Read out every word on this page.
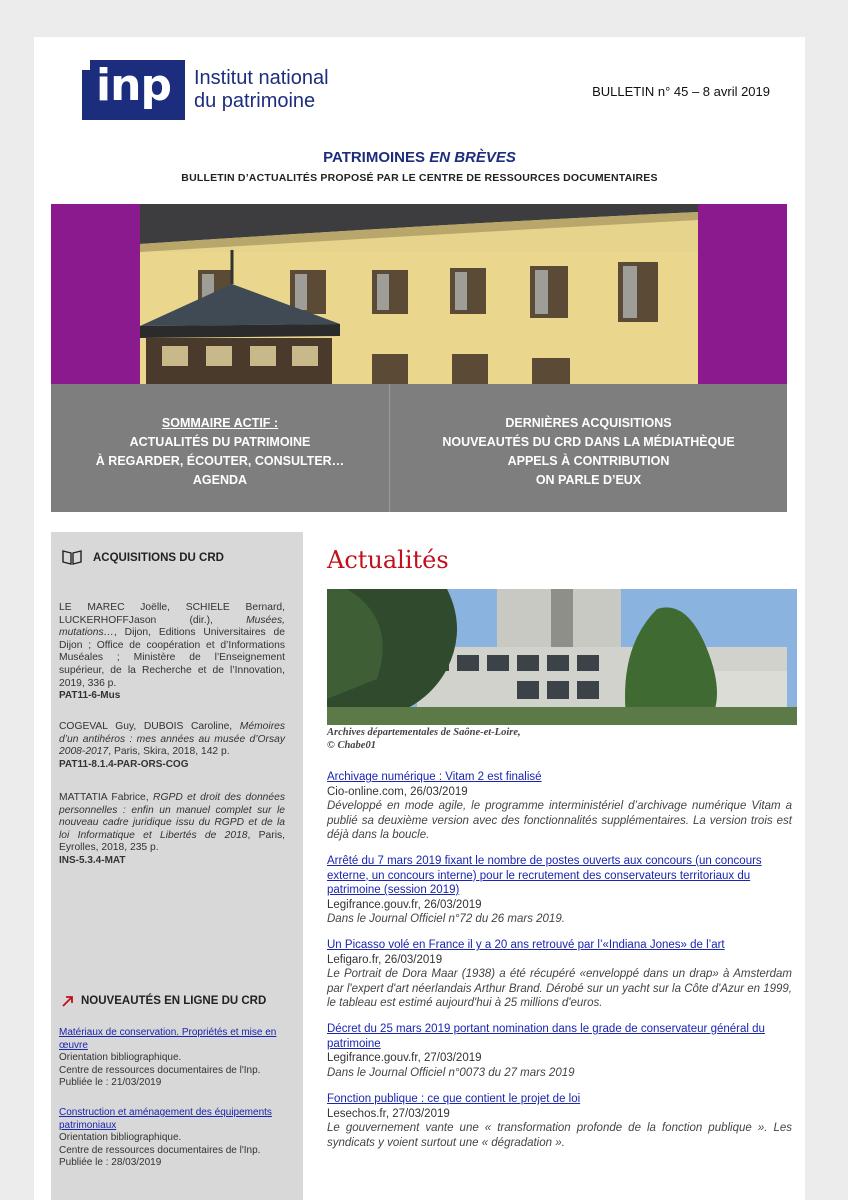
inp	Institut national
du patrimoine	BULLETIN n° 45 – 8 avril 2019
PATRIMOINES EN BRÈVES
BULLETIN D’ACTUALITÉS PROPOSÉ PAR LE CENTRE DE RESSOURCES DOCUMENTAIRES
SOMMAIRE ACTIF :
ACTUALITÉS DU PATRIMOINE
À REGARDER, ÉCOUTER, CONSULTER…
AGENDA
DERNIÈRES ACQUISITIONS
NOUVEAUTÉS DU CRD DANS LA MÉDIATHÈQUE
APPELS À CONTRIBUTION
ON PARLE D’EUX
ACQUISITIONS DU CRD
LE MAREC Joëlle, SCHIELE Bernard, LUCKERHOFFJason (dir.),	Musées, mutations…, Dijon, Editions Universitaires de Dijon ; Office de coopération et d’Informations Muséales ; Ministère de l’Enseignement supérieur, de la Recherche et de l’Innovation, 2019, 336 p.
PAT11-6-Mus
COGEVAL Guy, DUBOIS Caroline, Mémoires d’un antihéros : mes années au musée d’Orsay 2008-2017, Paris, Skira, 2018, 142 p.
PAT11-8.1.4-PAR-ORS-COG
MATTATIA Fabrice, RGPD et droit des données personnelles : enfin un manuel complet sur le nouveau cadre juridique issu du RGPD et de la loi Informatique et Libertés de 2018, Paris, Eyrolles, 2018, 235 p.
INS-5.3.4-MAT
NOUVEAUTÉS EN LIGNE DU CRD
Matériaux de conservation. Propriétés et mise en œuvre
Orientation bibliographique.
Centre de ressources documentaires de l'Inp.
Publiée le : 21/03/2019
Construction et aménagement des équipements patrimoniaux
Orientation bibliographique.
Centre de ressources documentaires de l'Inp.
Publiée le : 28/03/2019
Actualités
Archives départementales de Saône-et-Loire,
© Chabe01
Archivage numérique : Vitam 2 est finalisé
Cio-online.com, 26/03/2019
Développé en mode agile, le programme interministériel d’archivage numérique Vitam a publié sa deuxième version avec des fonctionnalités supplémentaires. La version trois est déjà dans la boucle.
Arrêté du 7 mars 2019 fixant le nombre de postes ouverts aux concours (un concours externe, un concours interne) pour le recrutement des conservateurs territoriaux du patrimoine (session 2019)
Legifrance.gouv.fr, 26/03/2019
Dans le Journal Officiel n°72 du 26 mars 2019.
Un Picasso volé en France il y a 20 ans retrouvé par l’«Indiana Jones» de l’art
Lefigaro.fr, 26/03/2019
Le Portrait de Dora Maar (1938) a été récupéré «enveloppé dans un drap» à Amsterdam par l'expert d'art néerlandais Arthur Brand. Dérobé sur un yacht sur la Côte d'Azur en 1999, le tableau est estimé aujourd'hui à 25 millions d'euros.
Décret du 25 mars 2019 portant nomination dans le grade de conservateur général du patrimoine
Legifrance.gouv.fr, 27/03/2019
Dans le Journal Officiel n°0073 du 27 mars 2019
Fonction publique : ce que contient le projet de loi
Lesechos.fr, 27/03/2019
Le gouvernement vante une « transformation profonde de la fonction publique ». Les syndicats y voient surtout une « dégradation ».
